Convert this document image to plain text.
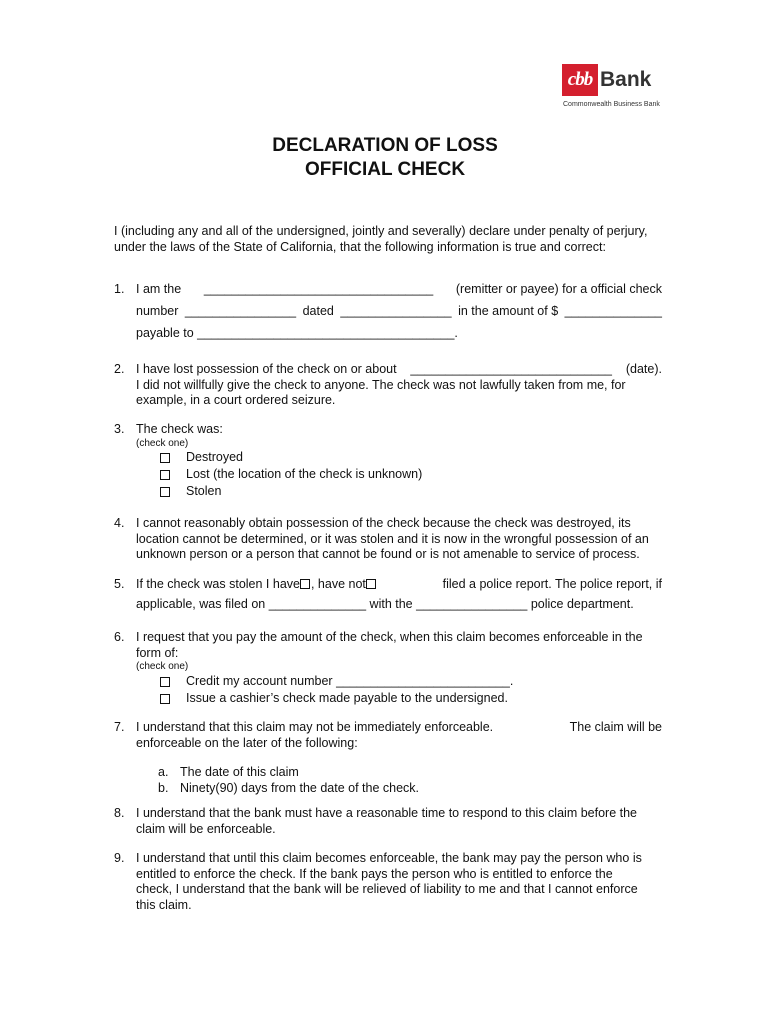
cbb Bank
Commonwealth Business Bank
DECLARATION OF LOSS
OFFICIAL CHECK
I (including any and all of the undersigned, jointly and severally) declare under penalty of perjury,
under the laws of the State of California, that the following information is true and correct:
1. I am the _________________________________ (remitter or payee) for a official check
number ________________ dated ________________ in the amount of $ ______________
payable to _____________________________________.
2. I have lost possession of the check on or about _____________________________ (date).
I did not willfully give the check to anyone. The check was not lawfully taken from me, for
example, in a court ordered seizure.
3. The check was:
(check one)
Destroyed
Lost (the location of the check is unknown)
Stolen
4. I cannot reasonably obtain possession of the check because the check was destroyed, its
location cannot be determined, or it was stolen and it is now in the wrongful possession of an
unknown person or a person that cannot be found or is not amenable to service of process.
5. If the check was stolen I have , have not	filed a police report. The police report, if
applicable, was filed on ______________ with the ________________ police department.
6. I request that you pay the amount of the check, when this claim becomes enforceable in the
form of:
(check one)
Credit my account number
_________________________ .
Issue a cashier’s check made payable to the undersigned.
7. I understand that this claim may not be immediately enforceable.	The claim will be
enforceable on the later of the following:
a. The date of this claim
b. Ninety(90) days from the date of the check.
8. I understand that the bank must have a reasonable time to respond to this claim before the
claim will be enforceable.
9. I understand that until this claim becomes enforceable, the bank may pay the person who is
entitled to enforce the check. If the bank pays the person who is entitled to enforce the
check, I understand that the bank will be relieved of liability to me and that I cannot enforce
this claim.
